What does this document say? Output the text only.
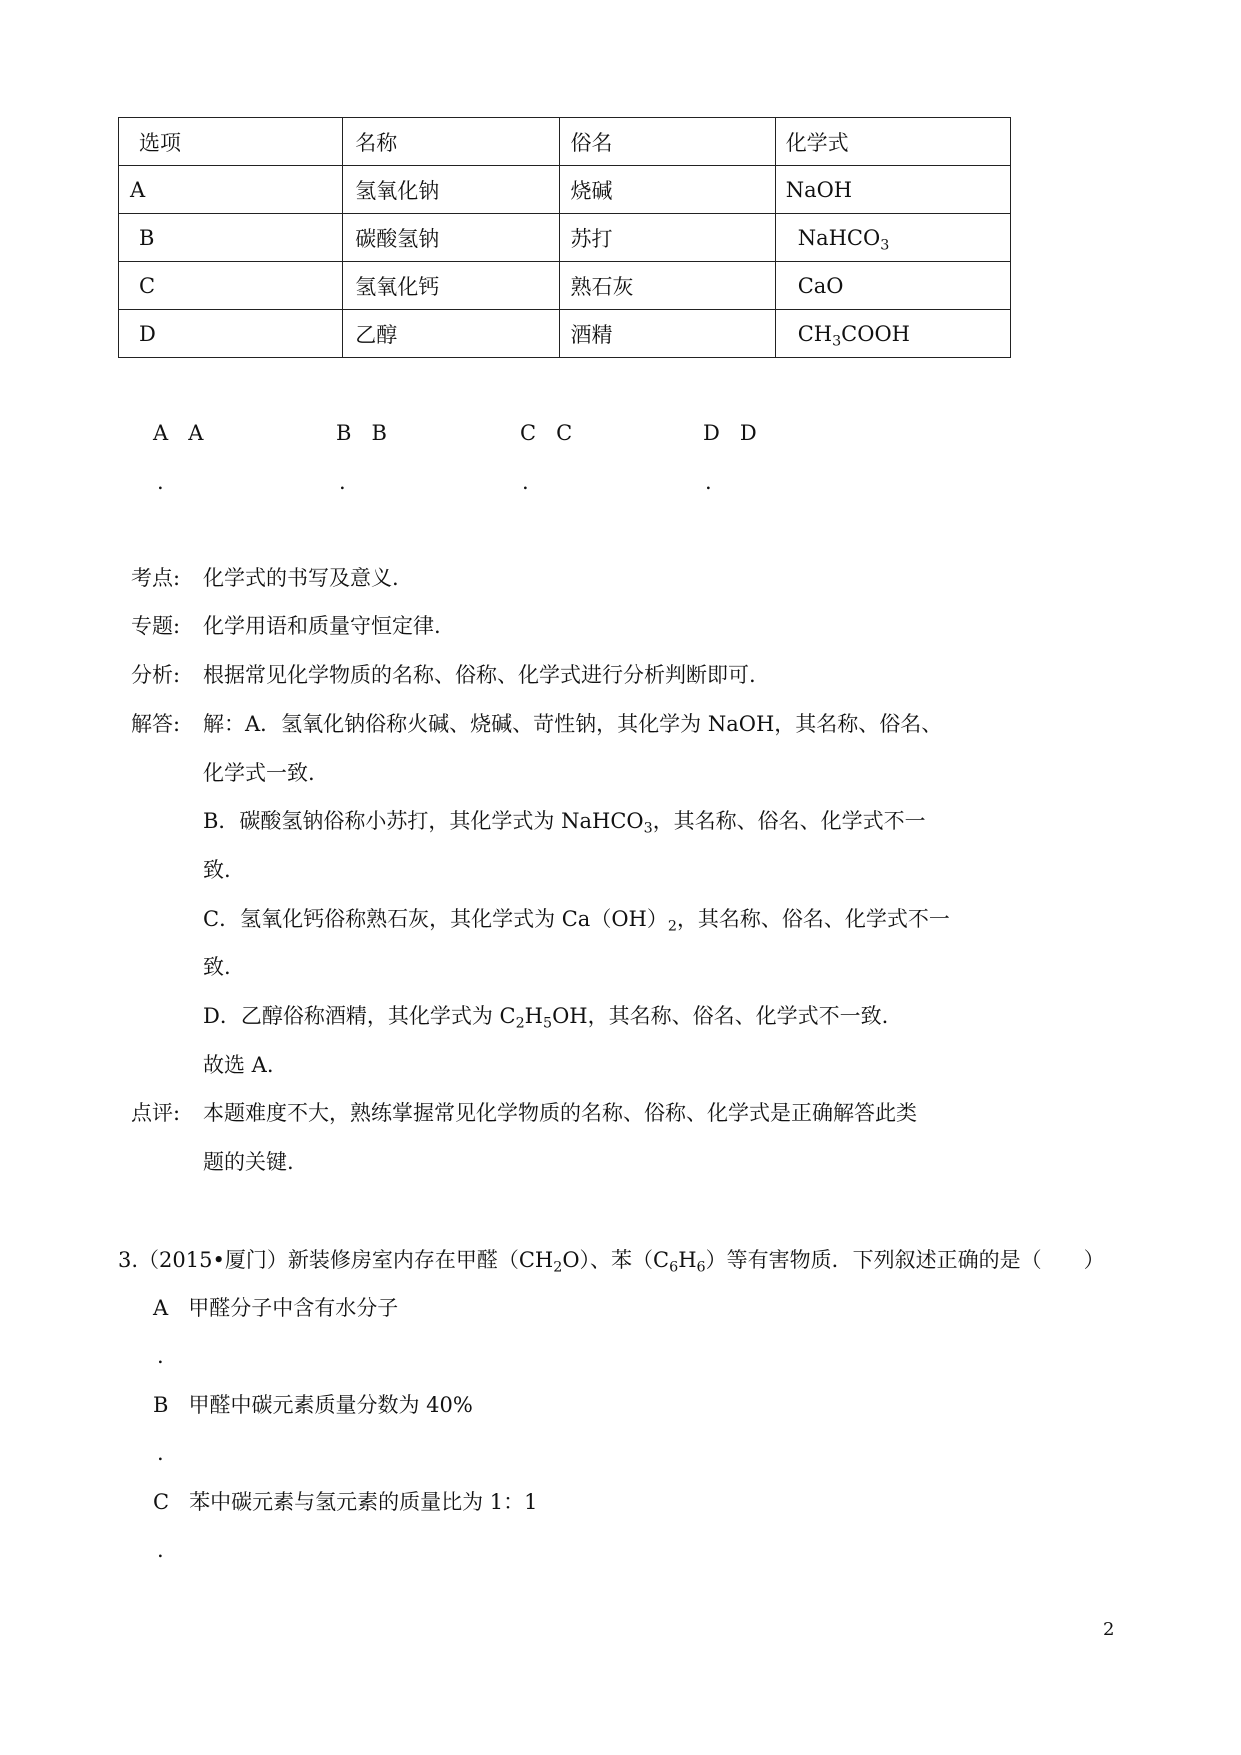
选项	名称	俗名	化学式
A	氢氧化钠	烧碱	NaOH
B	碳酸氢钠	苏打	NaHCO$_3$
C	氢氧化钙	熟石灰	CaO
D	乙醇	酒精	$CH_3COOH$
A A
.
B B
.
C C
.
D D
.
考点: 化学式的书写及意义.
专题: 化学用语和质量守恒定律.
分析: 根据常见化学物质的名称、俗称、化学式进行分析判断即可.
解答: 解：A．氢氧化钠俗称火碱、烧碱、苛性钠，其化学为 NaOH，其名称、俗名、
化学式一致.
B．碳酸氢钠俗称小苏打，其化学式为 NaHCO$_3$，其名称、俗名、化学式不一
致.
C．氢氧化钙俗称熟石灰，其化学式为 $Ca(OH)_2$，其名称、俗名、化学式不一
致.
D．乙醇俗称酒精，其化学式为 $C_2H_5OH$，其名称、俗名、化学式不一致.
故选 A.
点评: 本题难度不大，熟练掌握常见化学物质的名称、俗称、化学式是正确解答此类
题的关键.
3.（2015•厦门）新装修房室内存在甲醛$(CH_2O)$、苯$(C_6H_6)$等有害物质．下列叙述正确的是（　　）
A 甲醛分子中含有水分子
.
B 甲醛中碳元素质量分数为 40%
.
C 苯中碳元素与氢元素的质量比为 1：1
.
2
